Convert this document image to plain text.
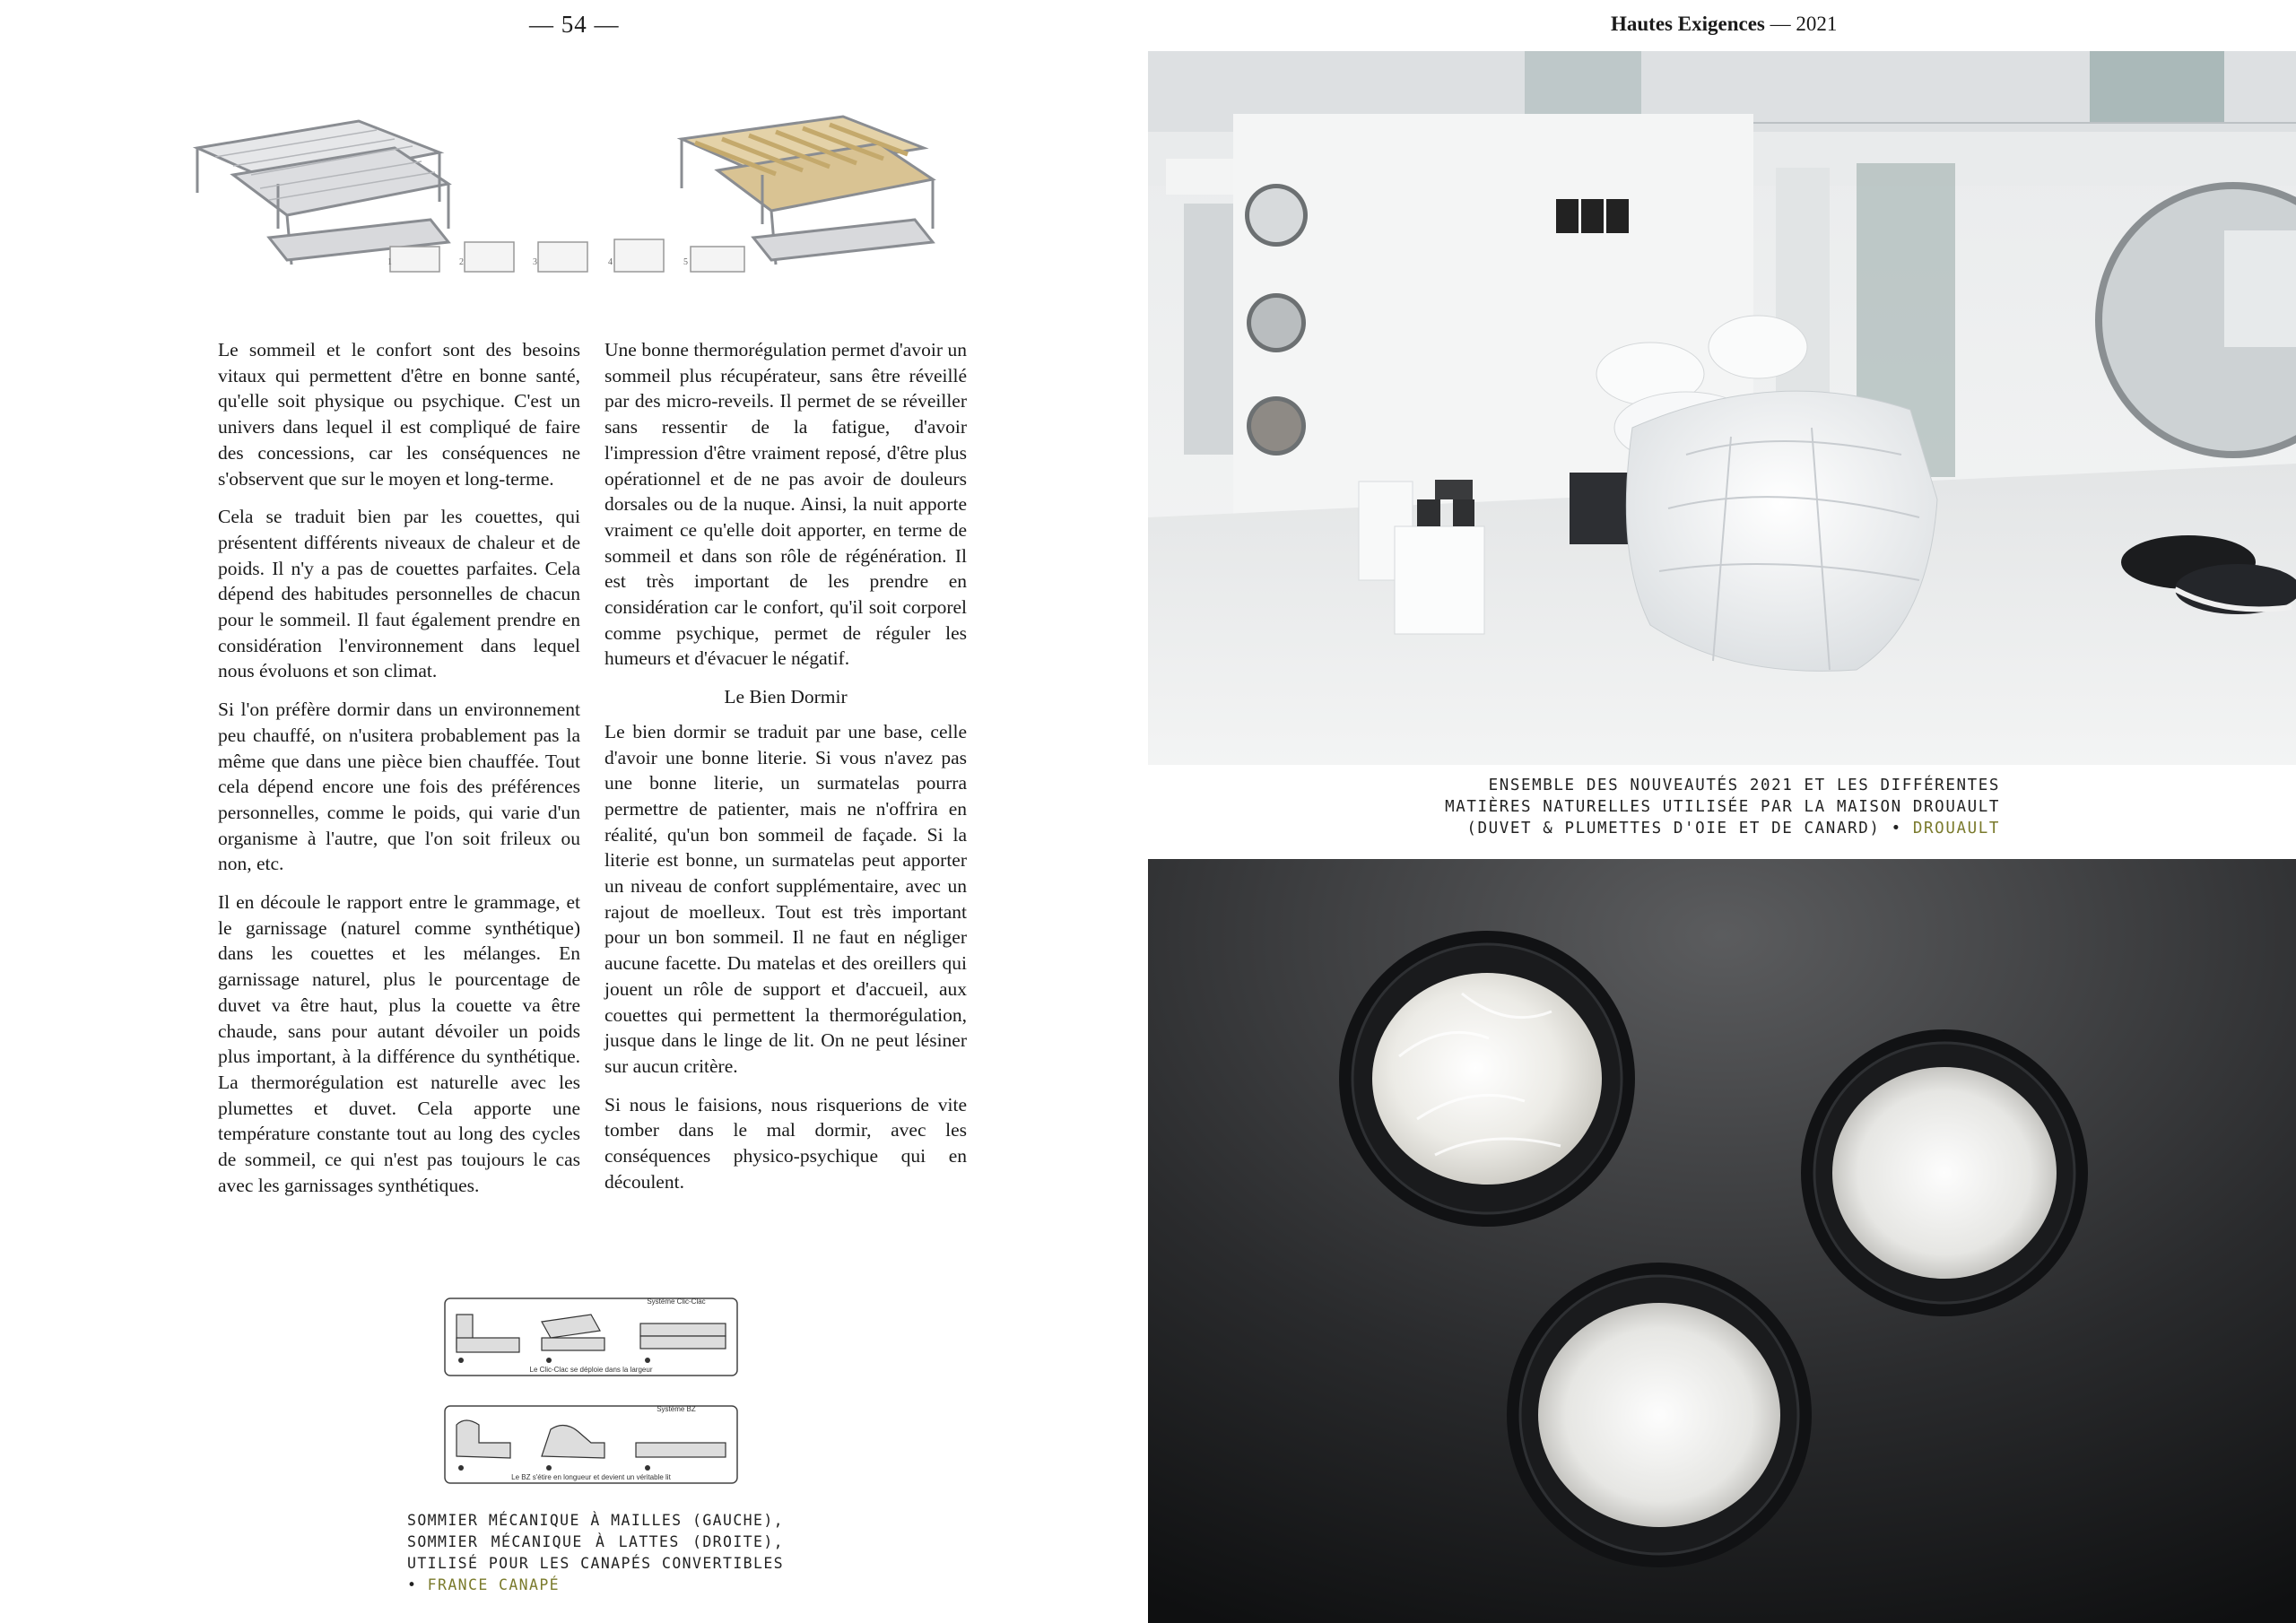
— 54 —	Hautes Exigences — 2021
1	2	3	4	5

Le sommeil et le confort sont des besoins vitaux qui permettent d'être en bonne santé, qu'elle soit physique ou psychique. C'est un univers dans lequel il est compliqué de faire des concessions, car les conséquences ne s'observent que sur le moyen et long-terme.

Cela se traduit bien par les couettes, qui présentent différents niveaux de chaleur et de poids. Il n'y a pas de couettes parfaites. Cela dépend des habitudes personnelles de chacun pour le sommeil. Il faut également prendre en considération l'environnement dans lequel nous évoluons et son climat.

Si l'on préfère dormir dans un environnement peu chauffé, on n'usitera probablement pas la même que dans une pièce bien chauffée. Tout cela dépend encore une fois des préférences personnelles, comme le poids, qui varie d'un organisme à l'autre, que l'on soit frileux ou non, etc.

Il en découle le rapport entre le grammage, et le garnissage (naturel comme synthétique) dans les couettes et les mélanges. En garnissage naturel, plus le pourcentage de duvet va être haut, plus la couette va être chaude, sans pour autant dévoiler un poids plus important, à la différence du synthétique. La thermorégulation est naturelle avec les plumettes et duvet. Cela apporte une température constante tout au long des cycles de sommeil, ce qui n'est pas toujours le cas avec les garnissages synthétiques.

Une bonne thermorégulation permet d'avoir un sommeil plus récupérateur, sans être réveillé par des micro-reveils. Il permet de se réveiller sans ressentir de la fatigue, d'avoir l'impression d'être vraiment reposé, d'être plus opérationnel et de ne pas avoir de douleurs dorsales ou de la nuque. Ainsi, la nuit apporte vraiment ce qu'elle doit apporter, en terme de sommeil et dans son rôle de régénération. Il est très important de les prendre en considération car le confort, qu'il soit corporel comme psychique, permet de réguler les humeurs et d'évacuer le négatif.

Le Bien Dormir

Le bien dormir se traduit par une base, celle d'avoir une bonne literie. Si vous n'avez pas une bonne literie, un surmatelas pourra permettre de patienter, mais ne n'offrira en réalité, qu'un bon sommeil de façade. Si la literie est bonne, un surmatelas peut apporter un niveau de confort supplémentaire, avec un rajout de moelleux. Tout est très important pour un bon sommeil. Il ne faut en négliger aucune facette. Du matelas et des oreillers qui jouent un rôle de support et d'accueil, aux couettes qui permettent la thermorégulation, jusque dans le linge de lit. On ne peut lésiner sur aucun critère.

Si nous le faisions, nous risquerions de vite tomber dans le mal dormir, avec les conséquences physico-psychique qui en découlent.

Système Clic-Clac
Le Clic-Clac se déploie dans la largeur
Système BZ
Le BZ s'étire en longueur et devient un véritable lit
SOMMIER MÉCANIQUE À MAILLES (GAUCHE), SOMMIER MÉCANIQUE À LATTES (DROITE), UTILISÉ POUR LES CANAPÉS CONVERTIBLES • FRANCE CANAPÉ
ENSEMBLE DES NOUVEAUTÉS 2021 ET LES DIFFÉRENTES MATIÈRES NATURELLES UTILISÉE PAR LA MAISON DROUAULT (DUVET & PLUMETTES D'OIE ET DE CANARD) • DROUAULT
